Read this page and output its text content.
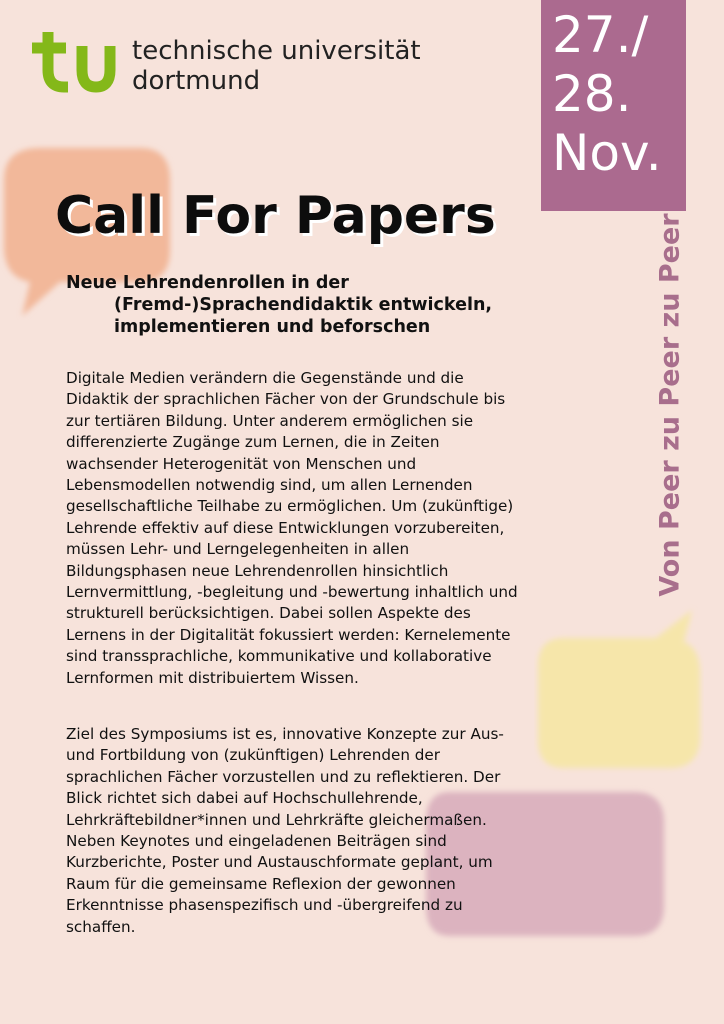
technische universität
dortmund
27./
28.
Nov.
Von Peer zu Peer zu Peer
Call For Papers
Neue Lehrendenrollen in der
(Fremd-)Sprachendidaktik entwickeln,
implementieren und beforschen

Digitale Medien verändern die Gegenstände und die Didaktik der sprachlichen Fächer von der Grundschule bis zur tertiären Bildung. Unter anderem ermöglichen sie differenzierte Zugänge zum Lernen, die in Zeiten wachsender Heterogenität von Menschen und Lebensmodellen notwendig sind, um allen Lernenden gesellschaftliche Teilhabe zu ermöglichen. Um (zukünftige) Lehrende effektiv auf diese Entwicklungen vorzubereiten, müssen Lehr- und Lerngelegenheiten in allen Bildungsphasen neue Lehrendenrollen hinsichtlich Lernvermittlung, -begleitung und -bewertung inhaltlich und strukturell berücksichtigen. Dabei sollen Aspekte des Lernens in der Digitalität fokussiert werden: Kernelemente sind transsprachliche, kommunikative und kollaborative Lernformen mit distribuiertem Wissen.

Ziel des Symposiums ist es, innovative Konzepte zur Aus- und Fortbildung von (zukünftigen) Lehrenden der sprachlichen Fächer vorzustellen und zu reflektieren. Der Blick richtet sich dabei auf Hochschullehrende, Lehrkräftebildner*innen und Lehrkräfte gleichermaßen. Neben Keynotes und eingeladenen Beiträgen sind Kurzberichte, Poster und Austauschformate geplant, um Raum für die gemeinsame Reflexion der gewonnen Erkenntnisse phasenspezifisch und -übergreifend zu schaffen.
